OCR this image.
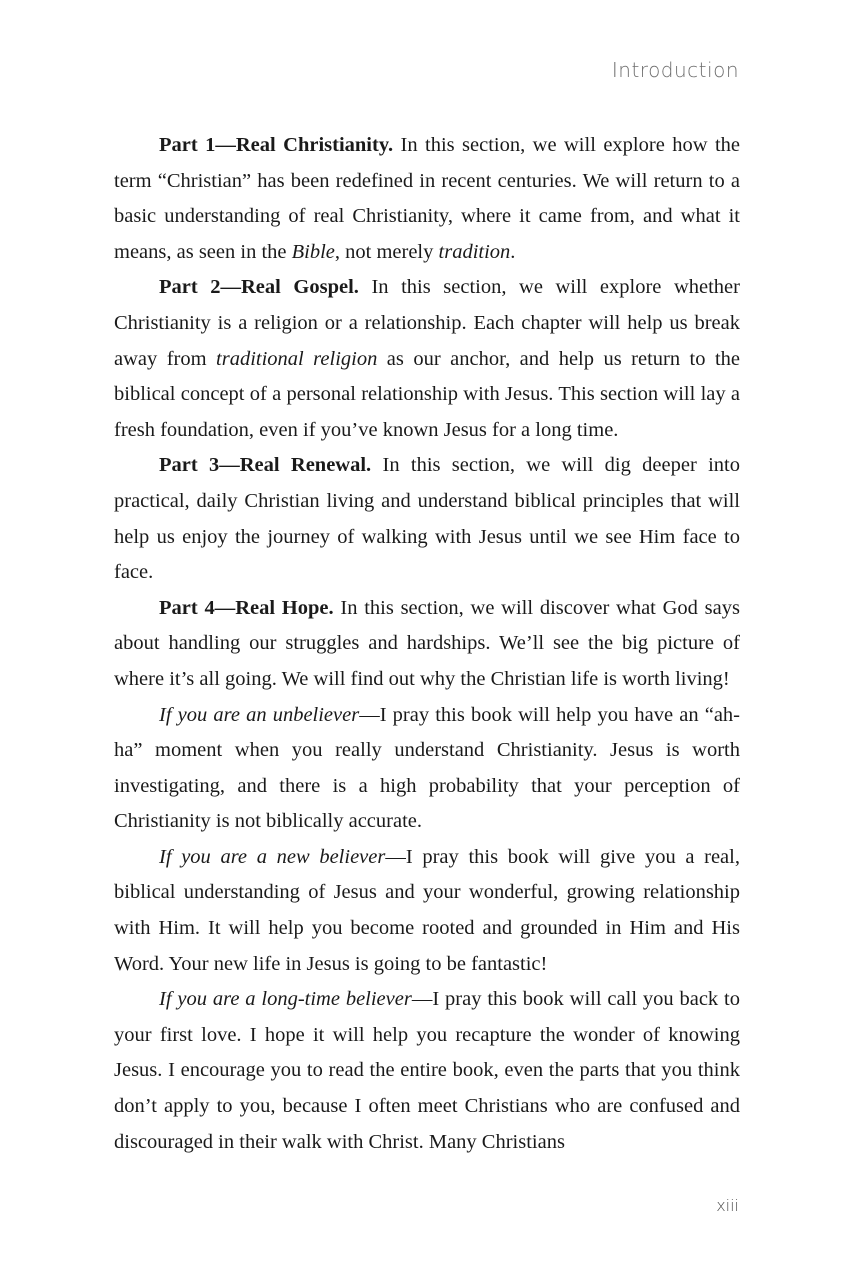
Introduction

Part 1—Real Christianity. In this section, we will explore how the term “Christian” has been redefined in recent centuries. We will return to a basic understanding of real Christianity, where it came from, and what it means, as seen in the Bible, not merely tradition.

Part 2—Real Gospel. In this section, we will explore whether Christianity is a religion or a relationship. Each chapter will help us break away from traditional religion as our anchor, and help us return to the biblical concept of a personal relationship with Jesus. This section will lay a fresh foundation, even if you’ve known Jesus for a long time.

Part 3—Real Renewal. In this section, we will dig deeper into practical, daily Christian living and understand biblical principles that will help us enjoy the journey of walking with Jesus until we see Him face to face.

Part 4—Real Hope. In this section, we will discover what God says about handling our struggles and hardships. We’ll see the big picture of where it’s all going. We will find out why the Christian life is worth living!

If you are an unbeliever—I pray this book will help you have an “ah-ha” moment when you really understand Christianity. Jesus is worth investigating, and there is a high probability that your perception of Christianity is not biblically accurate.

If you are a new believer—I pray this book will give you a real, biblical understanding of Jesus and your wonderful, growing relationship with Him. It will help you become rooted and grounded in Him and His Word. Your new life in Jesus is going to be fantastic!

If you are a long-time believer—I pray this book will call you back to your first love. I hope it will help you recapture the wonder of knowing Jesus. I encourage you to read the entire book, even the parts that you think don’t apply to you, because I often meet Christians who are confused and discouraged in their walk with Christ. Many Christians

xiii
